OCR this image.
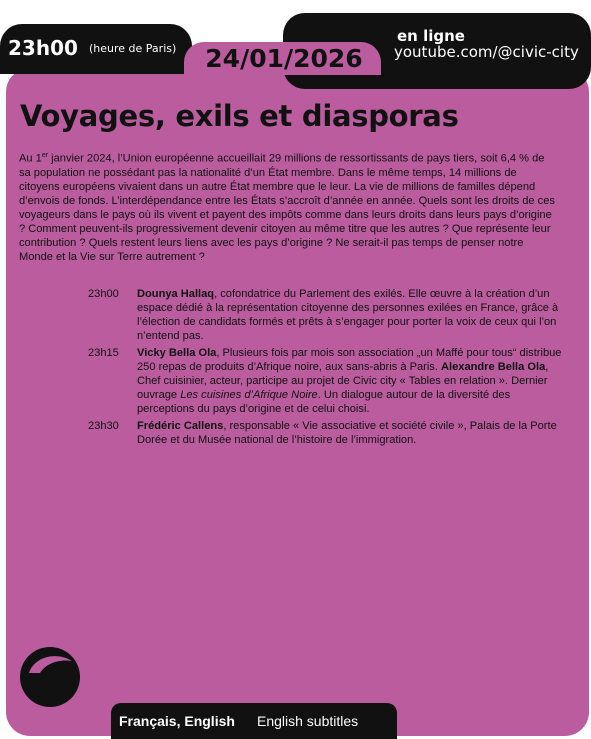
23h00 (heure de Paris)	24/01/2026
en ligne
youtube.com/@civic-city
Voyages, exils et diasporas
Au 1er janvier 2024, l’Union européenne accueillait 29 millions de ressortissants de pays tiers, soit 6,4 % de sa population ne possédant pas la nationalité d’un État membre. Dans le même temps, 14 millions de citoyens européens vivaient dans un autre État membre que le leur. La vie de millions de familles dépend d’envois de fonds. L’interdépendance entre les États s’accroît d’année en année. Quels sont les droits de ces voyageurs dans le pays où ils vivent et payent des impôts comme dans leurs droits dans leurs pays d’origine ? Comment peuvent-ils progressivement devenir citoyen au même titre que les autres ? Que représente leur contribution ? Quels restent leurs liens avec les pays d’origine ? Ne serait-il pas temps de penser notre Monde et la Vie sur Terre autrement ?
23h00 Dounya Hallaq, cofondatrice du Parlement des exilés. Elle œuvre à la création d’un espace dédié à la représentation citoyenne des personnes exilées en France, grâce à l’élection de candidats formés et prêts à s’engager pour porter la voix de ceux qui l’on n’entend pas.
23h15 Vicky Bella Ola, Plusieurs fois par mois son association „un Maffé pour tous“ distribue 250 repas de produits d’Afrique noire, aux sans-abris à Paris. Alexandre Bella Ola, Chef cuisinier, acteur, participe au projet de Civic city « Tables en relation ». Dernier ouvrage Les cuisines d’Afrique Noire. Un dialogue autour de la diversité des perceptions du pays d’origine et de celui choisi.
23h30 Frédéric Callens, responsable « Vie associative et société civile », Palais de la Porte Dorée et du Musée national de l’histoire de l’immigration.
Français, English English subtitles
